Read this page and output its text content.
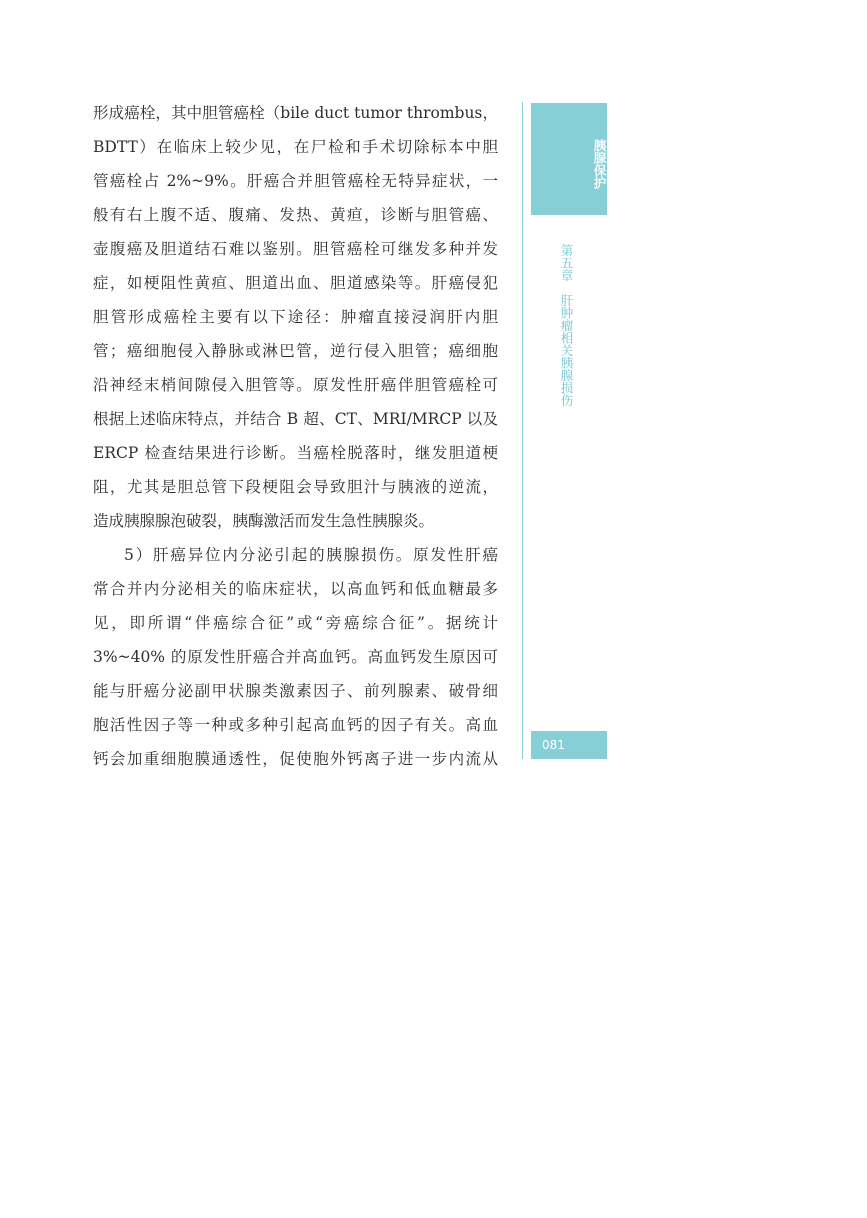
形成癌栓，其中胆管癌栓（bile duct tumor thrombus，
BDTT）在临床上较少见，在尸检和手术切除标本中胆
管癌栓占 2%~9%。肝癌合并胆管癌栓无特异症状，一
般有右上腹不适、腹痛、发热、黄疸，诊断与胆管癌、
壶腹癌及胆道结石难以鉴别。胆管癌栓可继发多种并发
症，如梗阻性黄疸、胆道出血、胆道感染等。肝癌侵犯
胆管形成癌栓主要有以下途径：肿瘤直接浸润肝内胆
管；癌细胞侵入静脉或淋巴管，逆行侵入胆管；癌细胞
沿神经末梢间隙侵入胆管等。原发性肝癌伴胆管癌栓可
根据上述临床特点，并结合 B 超、CT、MRI/MRCP 以及
ERCP 检查结果进行诊断。当癌栓脱落时，继发胆道梗
阻，尤其是胆总管下段梗阻会导致胆汁与胰液的逆流，
造成胰腺腺泡破裂，胰酶激活而发生急性胰腺炎。
5）肝癌异位内分泌引起的胰腺损伤。原发性肝癌
常合并内分泌相关的临床症状，以高血钙和低血糖最多
见，即所谓“伴癌综合征”或“旁癌综合征”。据统计
3%~40% 的原发性肝癌合并高血钙。高血钙发生原因可
能与肝癌分泌副甲状腺类激素因子、前列腺素、破骨细
胞活性因子等一种或多种引起高血钙的因子有关。高血
钙会加重细胞膜通透性，促使胞外钙离子进一步内流从
胰腺保护
第五章肝肿瘤相关胰腺损伤
081
